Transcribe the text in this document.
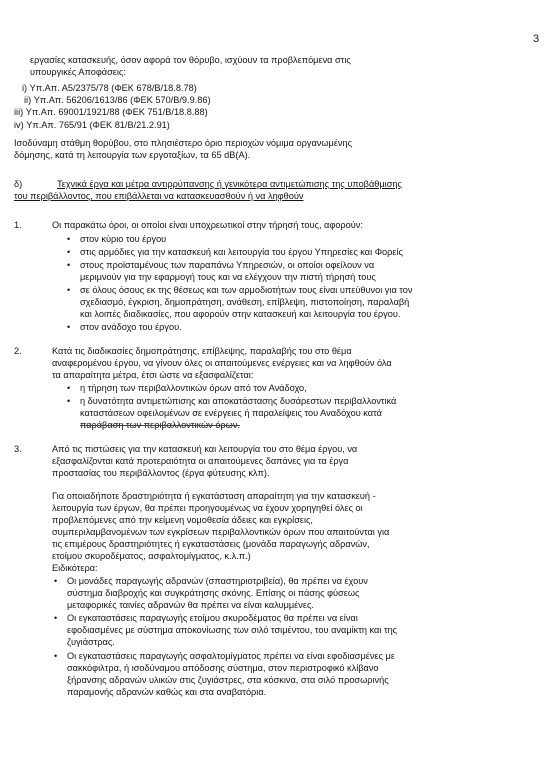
3
εργασίες κατασκευής, όσον αφορά τον θόρυβο, ισχύουν τα προβλεπόμενα στις
υπουργικές Αποφάσεις:
i) Υπ.Απ. Α5/2375/78 (ΦΕΚ 678/Β/18.8.78)
ii) Υπ.Απ. 56206/1613/86 (ΦΕΚ 570/Β/9.9.86)
iii) Υπ.Απ. 69001/1921/88 (ΦΕΚ 751/Β/18.8.88)
iv) Υπ.Απ. 765/91 (ΦΕΚ 81/Β/21.2.91)
Ισοδύναμη στάθμη θορύβου, στο πλησιέστερο όριο περιοχών νόμιμα οργανωμένης
δόμησης, κατά τη λειτουργία των εργοταξίων, τα 65 dB(A).
δ)	Τεχνικά έργα και μέτρα αντιρρύπανσης ή γενικότερα αντιμετώπισης της υποβάθμισης
του περιβάλλοντος, που επιβάλλεται να κατασκευασθούν ή να ληφθούν
1.	Οι παρακάτω όροι, οι οποίοι είναι υποχρεωτικοί στην τήρησή τους, αφορούν:
• στον κύριο του έργου
• στις αρμόδιες για την κατασκευή και λειτουργία του έργου Υπηρεσίες και Φορείς
• στους προϊσταμένους των παραπάνω Υπηρεσιών, οι οποίοι οφείλουν να
μεριμνούν για την εφαρμογή τους και να ελέγχουν την πιστή τήρησή τους
• σε όλους όσους εκ της θέσεως και των αρμοδιοτήτων τους είναι υπεύθυνοι για τον
σχεδιασμό, έγκριση, δημοπράτηση, ανάθεση, επίβλεψη, πιστοποίηση, παραλαβή
και λοιπές διαδικασίες, που αφορούν στην κατασκευή και λειτουργία του έργου.
• στον ανάδοχο του έργου.
2.	Κατά τις διαδικασίες δημοπράτησης, επίβλεψης, παραλαβής του στο θέμα
αναφερομένου έργου, να γίνουν όλες οι απαιτούμενες ενέργειες και να ληφθούν όλα
τα απαραίτητα μέτρα, έτσι ώστε να εξασφαλίζεται:
• η τήρηση των περιβαλλοντικών όρων από τον Ανάδοχο,
• η δυνατότητα αντιμετώπισης και αποκατάστασης δυσάρεστων περιβαλλοντικά
καταστάσεων οφειλομένων σε ενέργειες ή παραλείψεις του Αναδόχου κατά
παράβαση των περιβαλλοντικών όρων.
3.	Από τις πιστώσεις για την κατασκευή και λειτουργία του στο θέμα έργου, να
εξασφαλίζονται κατά προτεραιότητα οι απαιτούμενες δαπάνες για τα έργα
προστασίας του περιβάλλοντος (έργα φύτευσης κλπ).
Για οποιαδήποτε δραστηριότητα ή εγκατάσταση απαραίτητη για την κατασκευή -
λειτουργία των έργων, θα πρέπει προηγουμένως να έχουν χορηγηθεί όλες οι
προβλεπόμενες από την κείμενη νομοθεσία άδειες και εγκρίσεις,
συμπεριλαμβανομένων των εγκρίσεων περιβαλλοντικών όρων που απαιτούνται για
τις επιμέρους δραστηριότητες ή εγκαταστάσεις (μονάδα παραγωγής αδρανών,
ετοίμου σκυροδέματος, ασφαλτομίγματος, κ.λ.π.)
Ειδικότερα:
• Οι μονάδες παραγωγής αδρανών (σπαστηριοτριβεία), θα πρέπει να έχουν
σύστημα διαβροχής και συγκράτησης σκόνης. Επίσης οι πάσης φύσεως
μεταφορικές ταινίες αδρανών θα πρέπει να είναι καλυμμένες.
• Οι εγκαταστάσεις παραγωγής ετοίμου σκυροδέματος θα πρέπει να είναι
εφοδιασμένες με σύστημα αποκονίωσης των σιλό τσιμέντου, του αναμίκτη και της
ζυγιάστρας.
• Οι εγκαταστάσεις παραγωγής ασφαλτομίγματος πρέπει να είναι εφοδιασμένες με
σακκόφιλτρα, ή ισοδύναμου απόδοσης σύστημα, στον περιστροφικό κλίβανο
ξήρανσης αδρανών υλικών στις ζυγιάστρες, στα κόσκινα, στα σιλό προσωρινής
παραμονής αδρανών καθώς και στα αναβατόρια.
